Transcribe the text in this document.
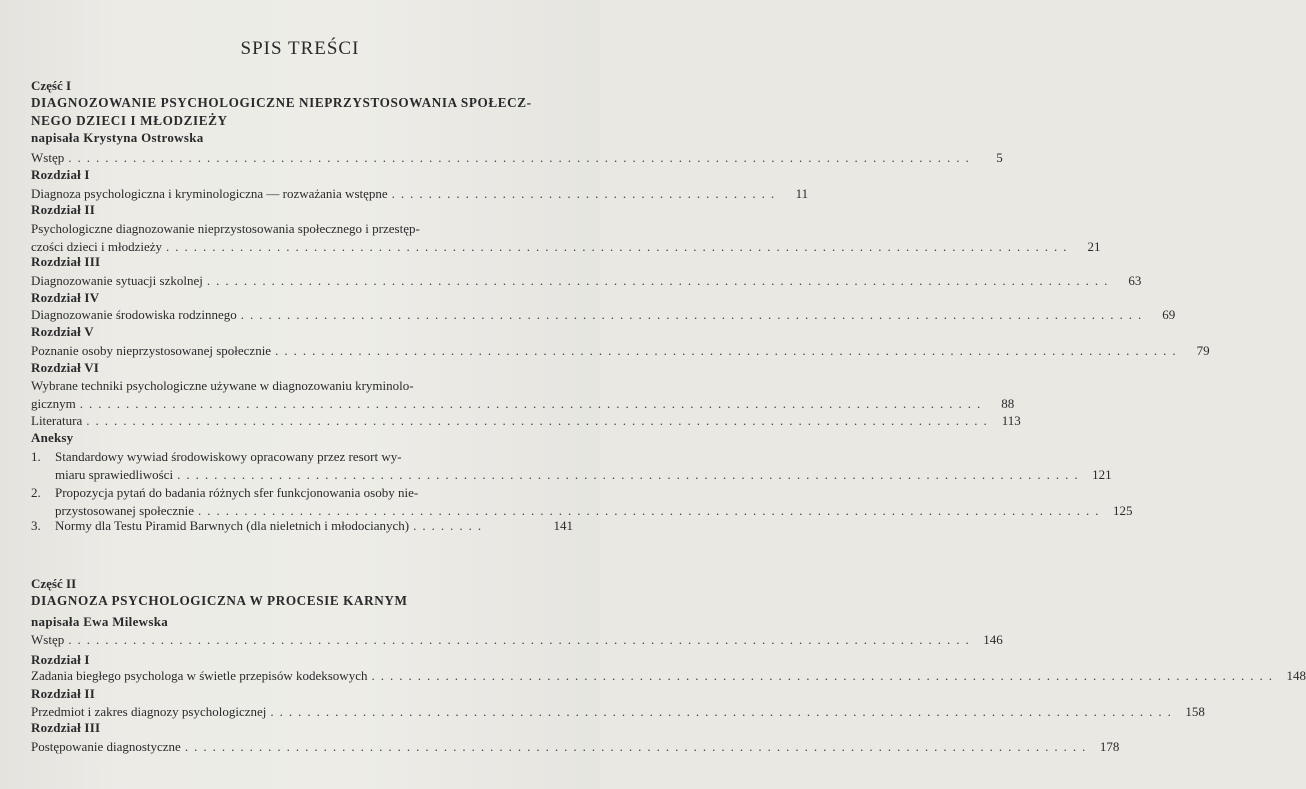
SPIS TREŚCI
Część I
DIAGNOZOWANIE PSYCHOLOGICZNE NIEPRZYSTOSOWANIA SPOŁECZ-
NEGO DZIECI I MŁODZIEŻY
napisała Krystyna Ostrowska
Wstęp ..................................................................................................	5
Rozdział I
Diagnoza psychologiczna i kryminologiczna — rozważania wstępne ..........................................	11
Rozdział II
Psychologiczne diagnozowanie nieprzystosowania społecznego i przestęp-
czości dzieci i młodzieży ..................................................................................................	21
Rozdział III
Diagnozowanie sytuacji szkolnej ..................................................................................................	63
Rozdział IV
Diagnozowanie środowiska rodzinnego ..................................................................................................	69
Rozdział V
Poznanie osoby nieprzystosowanej społecznie ..................................................................................................	79
Rozdział VI
Wybrane techniki psychologiczne używane w diagnozowaniu kryminolo-
gicznym ..................................................................................................	88
Literatura .................................................................................................. 113
Aneksy
1. Standardowy wywiad środowiskowy opracowany przez resort wy-
miaru sprawiedliwości .................................................................................................. 121
2. Propozycja pytań do badania różnych sfer funkcjonowania osoby nie-
przystosowanej społecznie .................................................................................................. 125
3.	Normy dla Testu Piramid Barwnych (dla nieletnich i młodocianych) ........	141
Część II
DIAGNOZA PSYCHOLOGICZNA W PROCESIE KARNYM
napisała Ewa Milewska
Wstęp .................................................................................................. 146
Rozdział I
Zadania biegłego psychologa w świetle przepisów kodeksowych .................................................................................................. 148
Rozdział II
Przedmiot i zakres diagnozy psychologicznej .................................................................................................. 158
Rozdział III
Postępowanie diagnostyczne .................................................................................................. 178
